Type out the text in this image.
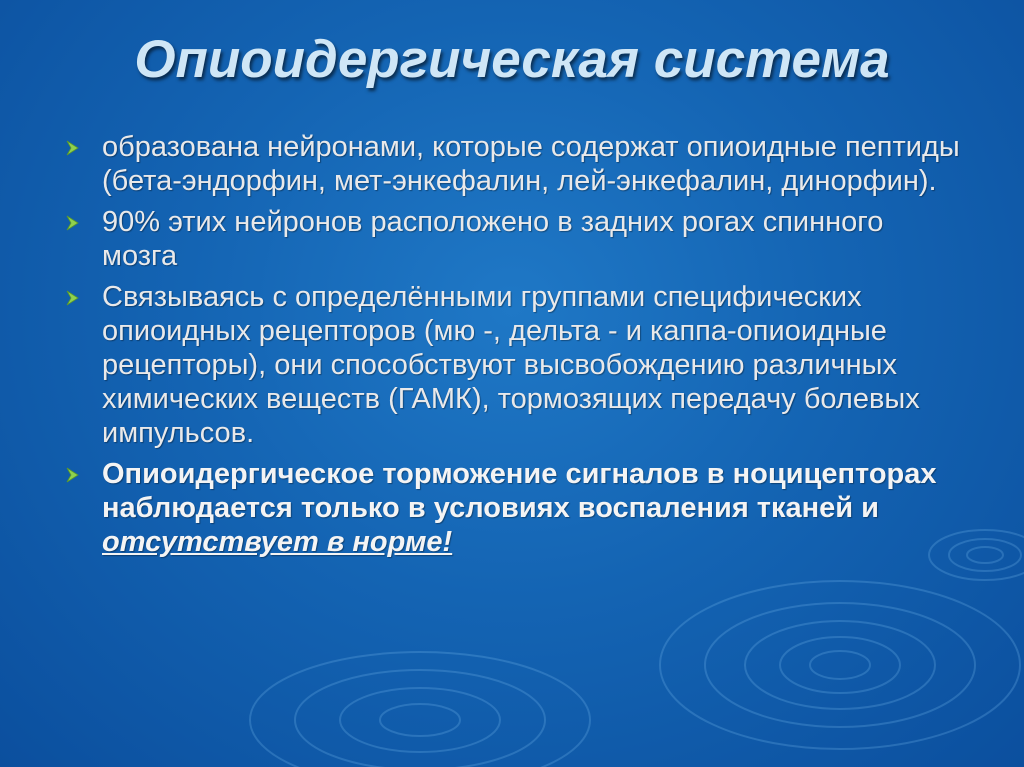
Опиоидергическая система
образована нейронами, которые содержат опиоидные пептиды (бета-эндорфин, мет-энкефалин, лей-энкефалин, динорфин).
90% этих нейронов расположено в задних рогах спинного мозга
Связываясь с определёнными группами специфических опиоидных рецепторов (мю -, дельта - и каппа-опиоидные рецепторы), они способствуют высвобождению различных химических веществ (ГАМК), тормозящих передачу болевых импульсов.
Опиоидергическое торможение сигналов в ноцицепторах наблюдается только в условиях воспаления тканей и отсутствует в норме!
